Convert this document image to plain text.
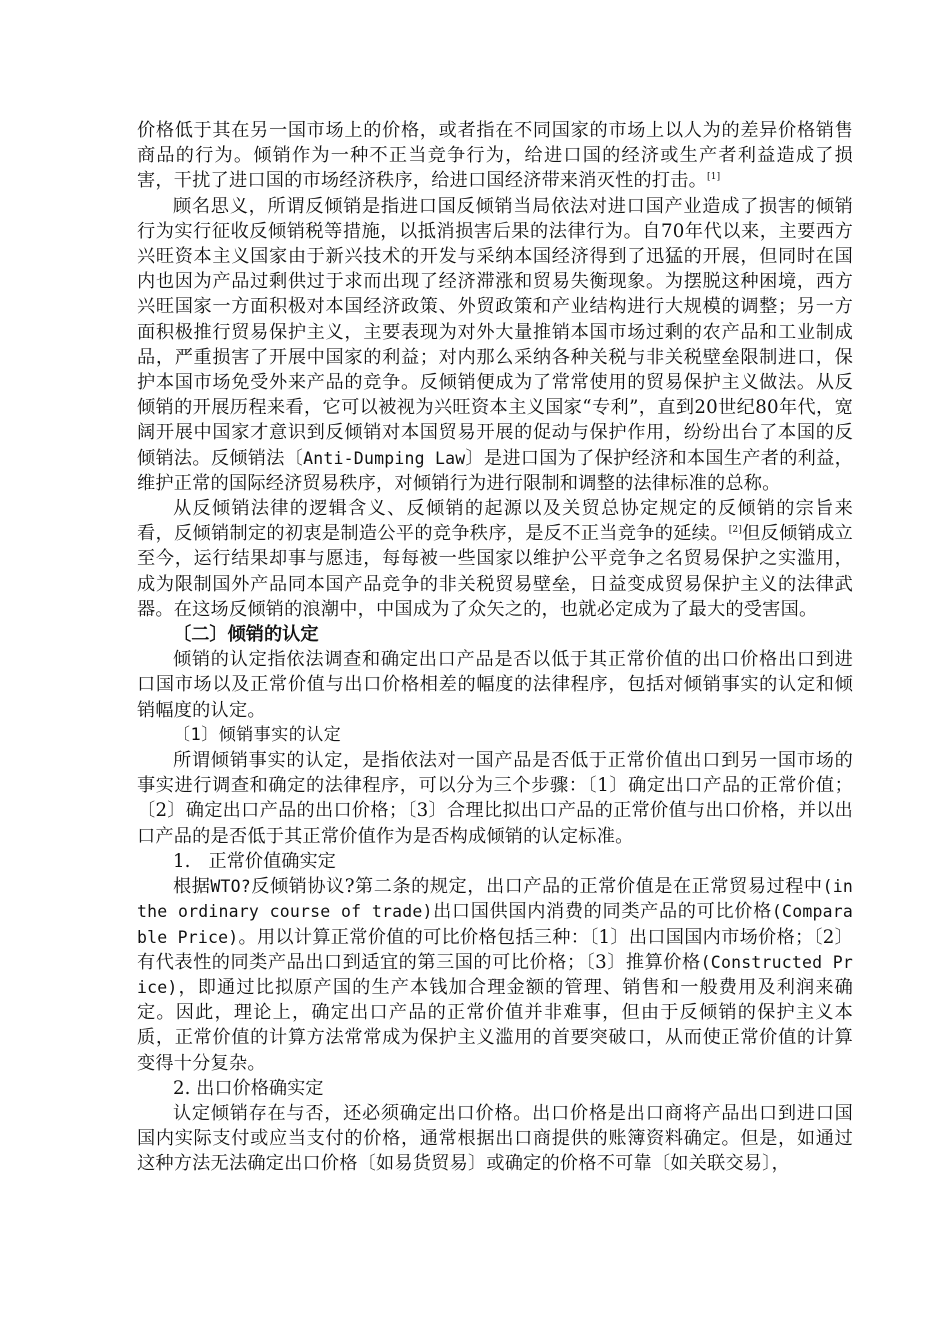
价格低于其在另一国市场上的价格，或者指在不同国家的市场上以人为的差异价格销售商品的行为。倾销作为一种不正当竞争行为，给进口国的经济或生产者利益造成了损害，干扰了进口国的市场经济秩序，给进口国经济带来消灭性的打击。[1]

顾名思义，所谓反倾销是指进口国反倾销当局依法对进口国产业造成了损害的倾销行为实行征收反倾销税等措施，以抵消损害后果的法律行为。自70年代以来，主要西方兴旺资本主义国家由于新兴技术的开发与采纳本国经济得到了迅猛的开展，但同时在国内也因为产品过剩供过于求而出现了经济滞涨和贸易失衡现象。为摆脱这种困境，西方兴旺国家一方面积极对本国经济政策、外贸政策和产业结构进行大规模的调整；另一方面积极推行贸易保护主义，主要表现为对外大量推销本国市场过剩的农产品和工业制成品，严重损害了开展中国家的利益；对内那么采纳各种关税与非关税壁垒限制进口，保护本国市场免受外来产品的竞争。反倾销便成为了常常使用的贸易保护主义做法。从反倾销的开展历程来看，它可以被视为兴旺资本主义国家“专利”，直到20世纪80年代，宽阔开展中国家才意识到反倾销对本国贸易开展的促动与保护作用，纷纷出台了本国的反倾销法。反倾销法〔Anti-Dumping Law〕是进口国为了保护经济和本国生产者的利益，维护正常的国际经济贸易秩序，对倾销行为进行限制和调整的法律标准的总称。

从反倾销法律的逻辑含义、反倾销的起源以及关贸总协定规定的反倾销的宗旨来看，反倾销制定的初衷是制造公平的竞争秩序，是反不正当竞争的延续。[2]但反倾销成立至今，运行结果却事与愿违，每每被一些国家以维护公平竞争之名贸易保护之实滥用，成为限制国外产品同本国产品竞争的非关税贸易壁垒，日益变成贸易保护主义的法律武器。在这场反倾销的浪潮中，中国成为了众矢之的，也就必定成为了最大的受害国。

〔二〕倾销的认定

倾销的认定指依法调查和确定出口产品是否以低于其正常价值的出口价格出口到进口国市场以及正常价值与出口价格相差的幅度的法律程序，包括对倾销事实的认定和倾销幅度的认定。

〔1〕倾销事实的认定

所谓倾销事实的认定，是指依法对一国产品是否低于正常价值出口到另一国市场的事实进行调查和确定的法律程序，可以分为三个步骤：〔1〕确定出口产品的正常价值；〔2〕确定出口产品的出口价格；〔3〕合理比拟出口产品的正常价值与出口价格，并以出口产品的是否低于其正常价值作为是否构成倾销的认定标准。

1.　正常价值确实定

根据WTO?反倾销协议?第二条的规定，出口产品的正常价值是在正常贸易过程中(in the ordinary course of trade)出口国供国内消费的同类产品的可比价格(Comparable Price)。用以计算正常价值的可比价格包括三种：〔1〕出口国国内市场价格；〔2〕有代表性的同类产品出口到适宜的第三国的可比价格；〔3〕推算价格(Constructed Price)，即通过比拟原产国的生产本钱加合理金额的管理、销售和一般费用及利润来确定。因此，理论上，确定出口产品的正常价值并非难事，但由于反倾销的保护主义本质，正常价值的计算方法常常成为保护主义滥用的首要突破口，从而使正常价值的计算变得十分复杂。

2. 出口价格确实定

认定倾销存在与否，还必须确定出口价格。出口价格是出口商将产品出口到进口国国内实际支付或应当支付的价格，通常根据出口商提供的账簿资料确定。但是，如通过这种方法无法确定出口价格〔如易货贸易〕或确定的价格不可靠〔如关联交易〕，
